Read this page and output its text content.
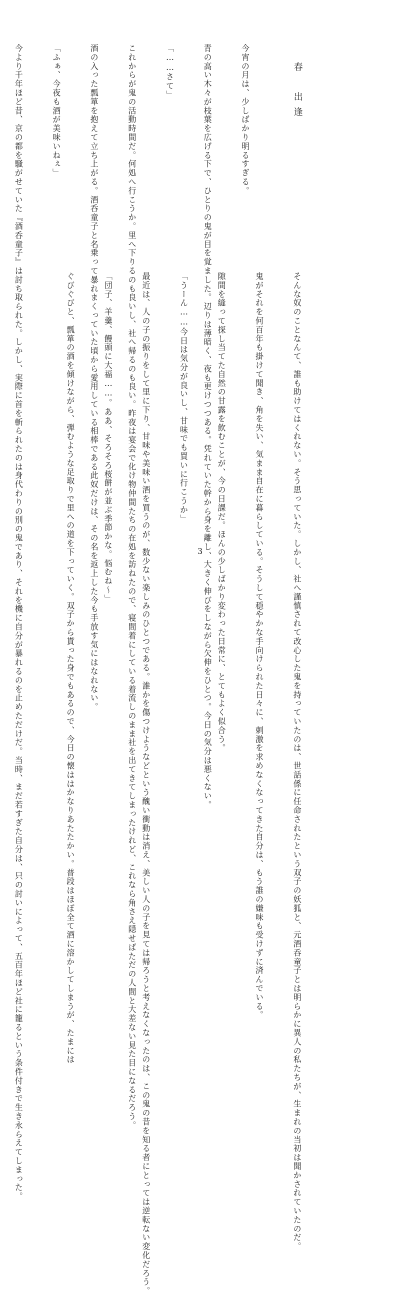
春　出逢

今宵の月は、少しばかり明るすぎる。

青の高い木々が枝葉を広げる下で、ひとりの鬼が目を覚ました。辺りは薄暗く、夜も更けつつある。凭れていた幹から身を離し、大きく伸びをしながら欠伸をひとつ。今日の気分は悪くない。

「……さて」

これからが鬼の活動時間だ。何処へ行こうか。里へ下りるのも良いし、社へ帰るのも良い。昨夜は宴会で化け物仲間たちの在処を訪ねたので、寝間着にしている着流しのまま社を出てきてしまったけれど、これなら角さえ隠せばただの人間と大差ない見た目になるだろう。

酒の入った瓢箪を抱えて立ち上がる。酒呑童子と名乗って暴れまくっていた頃から愛用している相棒である此奴だけは、その名を返上した今も手放す気にはなれない。

「ふぁ、今夜も酒が美味いねぇ」

今より千年ほど昔、京の都を騒がせていた『酒呑童子』は討ち取られた。しかし、実際に首を斬られたのは身代わりの別の鬼であり、それを機に自分が暴れるのを止めただけだ。当時、まだ若すぎた自分は、只の討いによって、五百年ほど社に籠るという条件付きで生き永らえてしまった。

	そんな奴のことなんて、誰も助けてはくれない。そう思っていた。しかし、社へ謹慎されて改心した鬼を持っていたのは、世話係に任命されたという双子の妖狐と、元酒呑童子とは明らかに異人の私たちが、生まれの当初は聞かされていたのだ。

鬼がそれを何百年も掛けて聞き、角を失い、気まま自在に暮らしている。そうして穏やかな手向けられた日々に、刺激を求めなくなってきた自分は、もう誰の嫌味も受けずに済んでいる。

隙間を縫って探し当てた自然の甘露を飲むことが、今の日課だ。ほんの少しばかり変わった日常に、とてもよく似合う。

「うーん……今日は気分が良いし、甘味でも買いに行こうか」

最近は、人の子の振りをして里に下り、甘味や美味い酒を買うのが、数少ない楽しみのひとつである。誰かを傷つけようなどという醜い衝動は消え、美しい人の子を見ては帰ろうと考えなくなったのは、この鬼の昔を知る者にとっては逆転ない変化だろう。

「団子、羊羹、饅頭に大福……。ああ、そろそろ桜餅が並ぶ季節かな。悩むね〜」

ぐびぐびと、瓢箪の酒を傾けながら、弾むような足取りで里への道を下っていく。双子から貰った身でもあるので、今日の懐ははかなりあたたかい。普段はほぼ全て酒に溶かしてしまうが、たまには

	3
